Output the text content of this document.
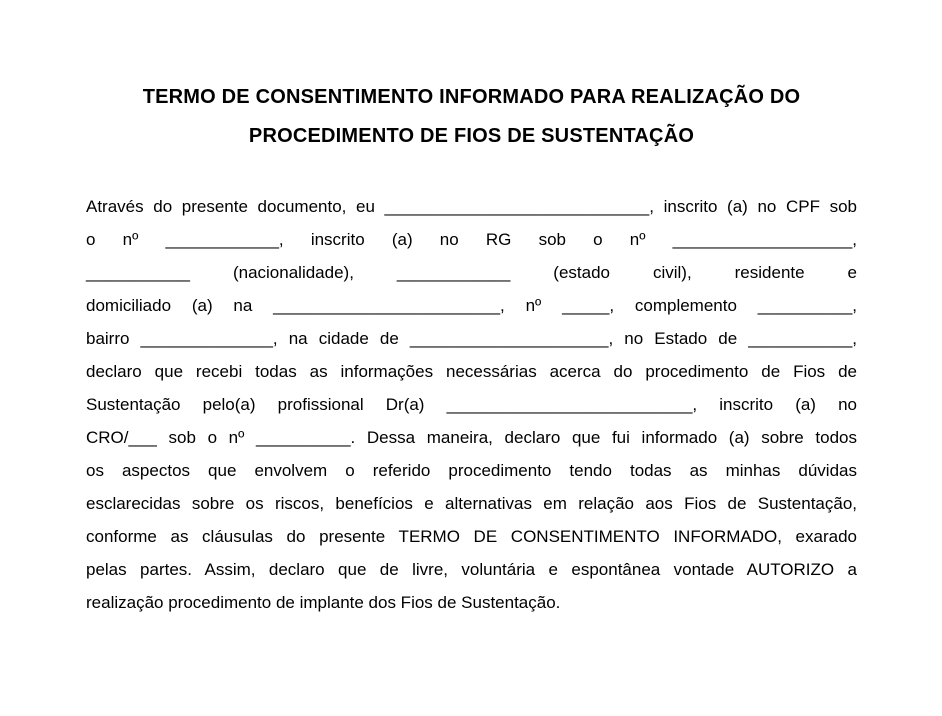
TERMO DE CONSENTIMENTO INFORMADO PARA REALIZAÇÃO DO
PROCEDIMENTO DE FIOS DE SUSTENTAÇÃO
Através do presente documento, eu ____________________________, inscrito (a) no CPF sob
o nº ____________, inscrito (a) no RG sob o nº ___________________,
___________ (nacionalidade), ____________ (estado civil), residente e
domiciliado (a) na ________________________, nº _____, complemento __________,
bairro ______________, na cidade de _____________________, no Estado de ___________,
declaro que recebi todas as informações necessárias acerca do procedimento de Fios de
Sustentação pelo(a) profissional Dr(a) __________________________, inscrito (a) no
CRO/___ sob o nº __________. Dessa maneira, declaro que fui informado (a) sobre todos
os aspectos que envolvem o referido procedimento tendo todas as minhas dúvidas
esclarecidas sobre os riscos, benefícios e alternativas em relação aos Fios de Sustentação,
conforme as cláusulas do presente TERMO DE CONSENTIMENTO INFORMADO, exarado
pelas partes. Assim, declaro que de livre, voluntária e espontânea vontade AUTORIZO a
realização procedimento de implante dos Fios de Sustentação.
